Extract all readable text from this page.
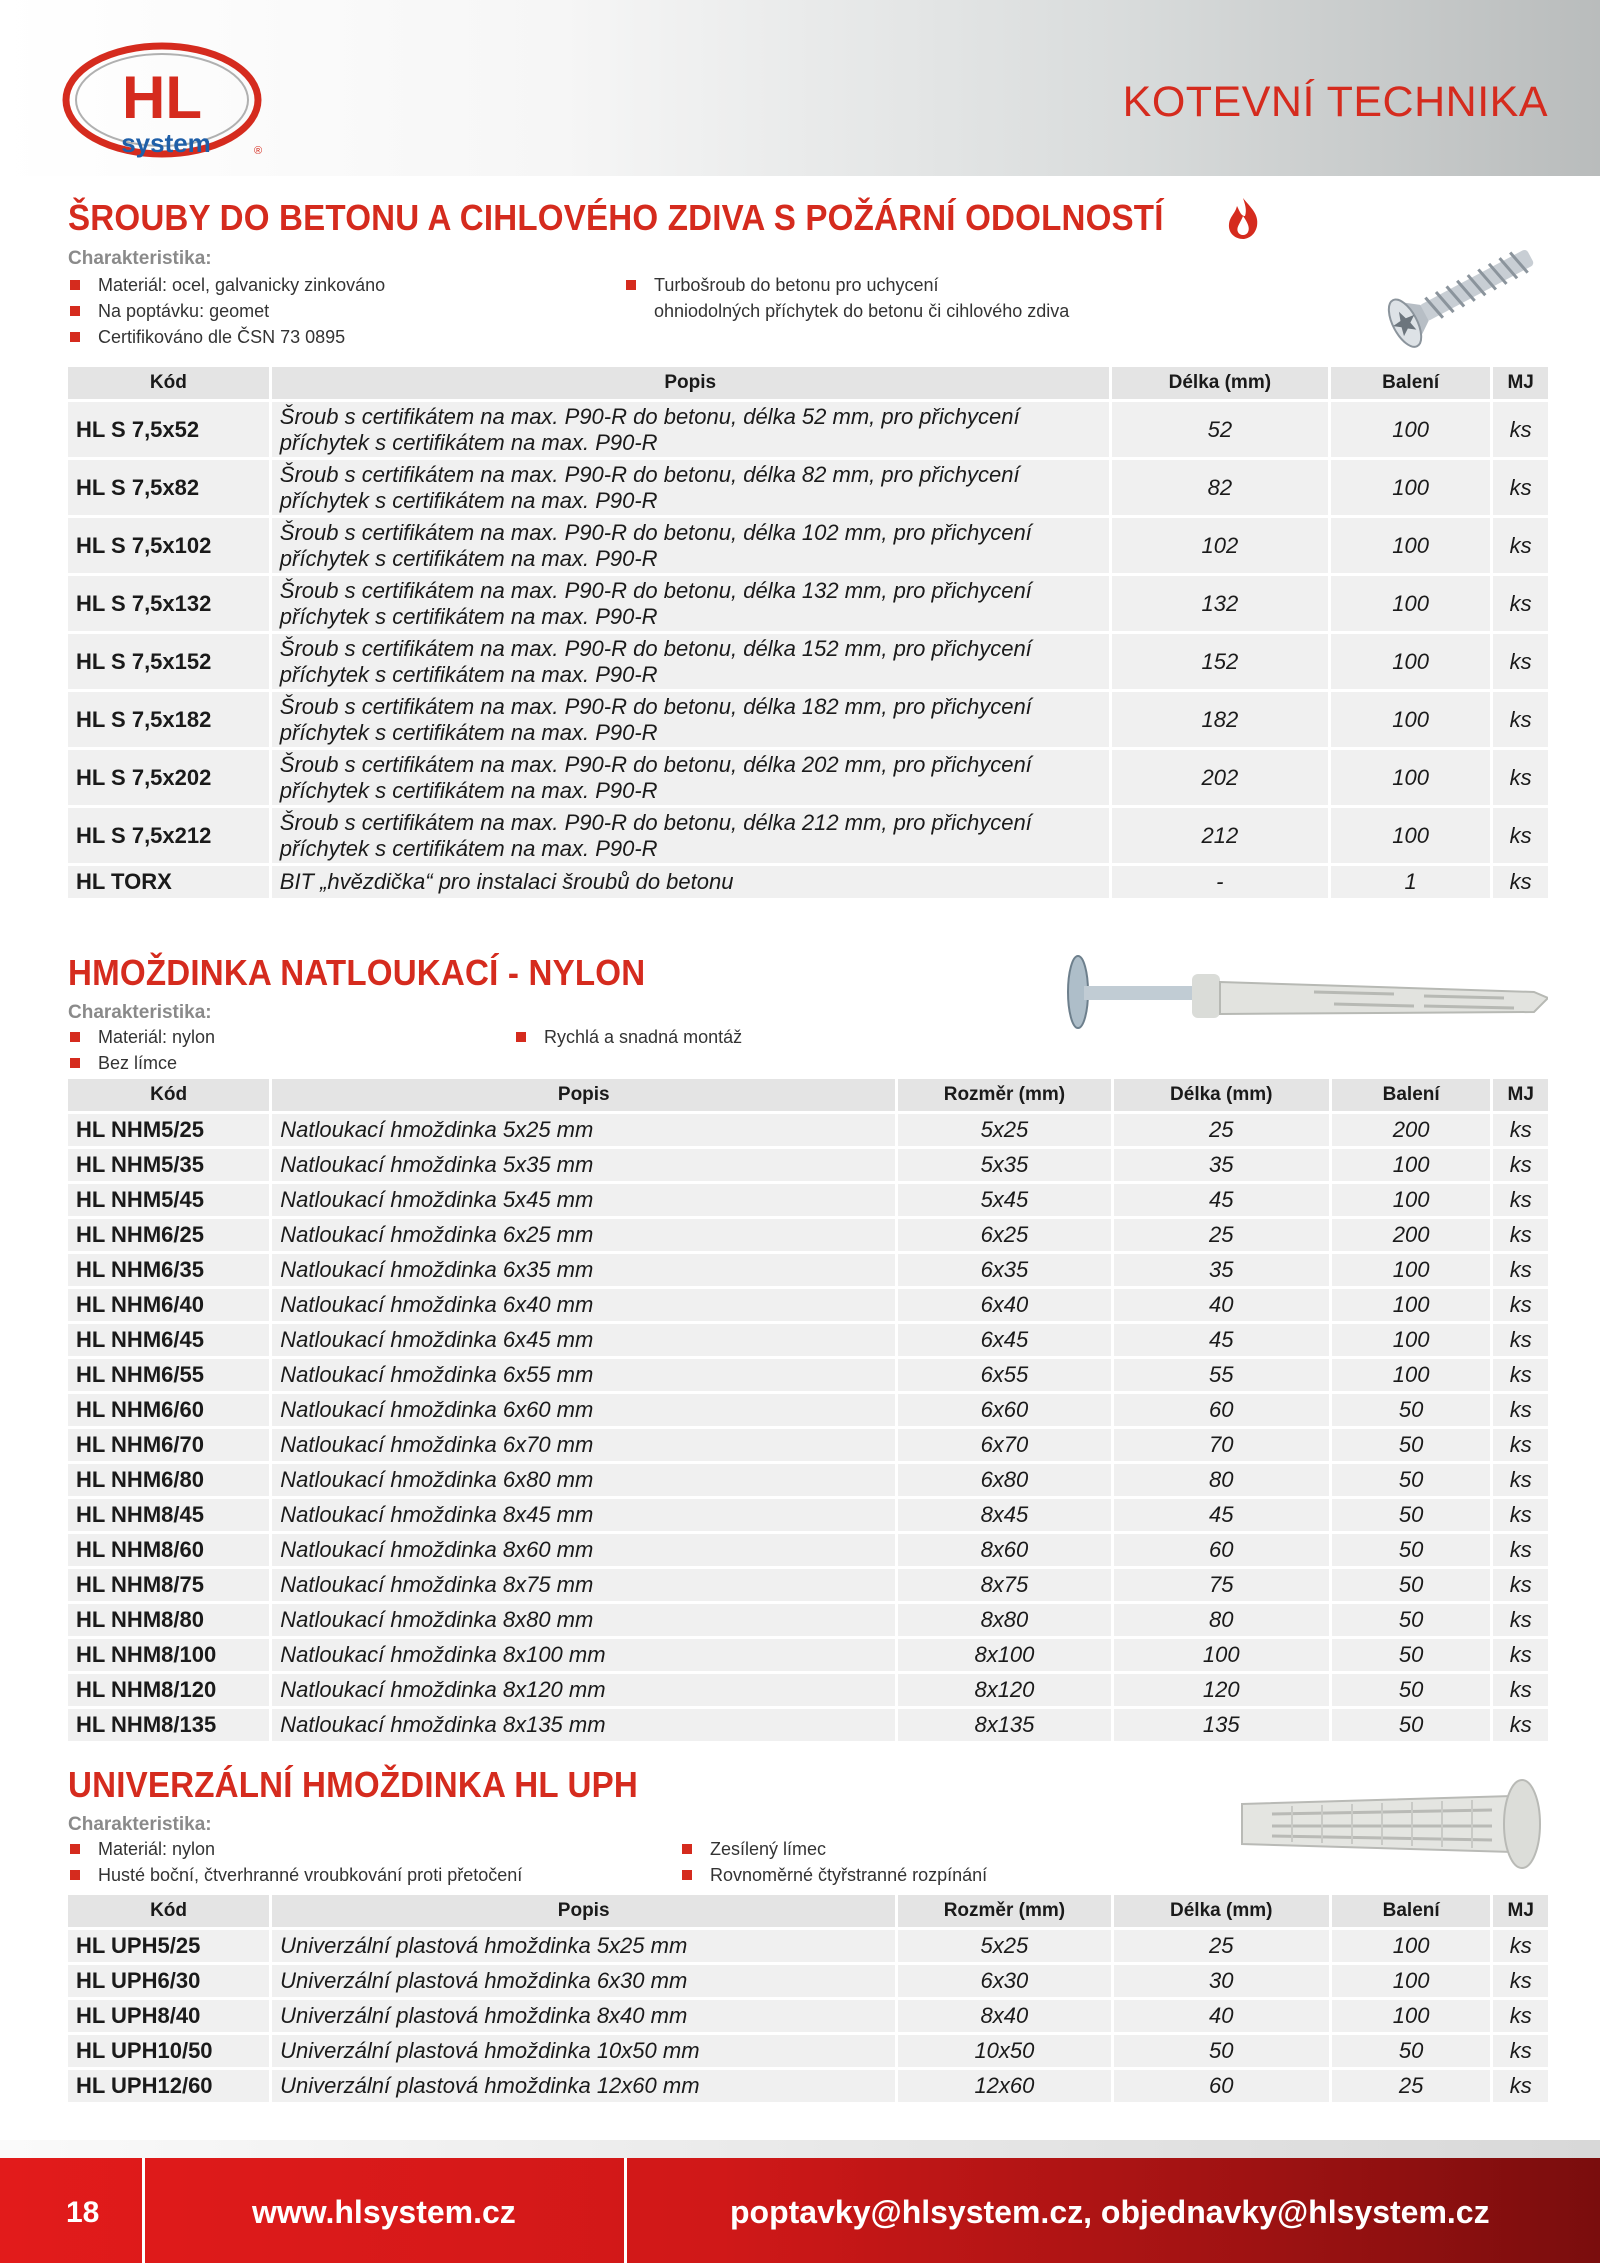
HL
system	®
KOTEVNÍ TECHNIKA
ŠROUBY DO BETONU A CIHLOVÉHO ZDIVA S POŽÁRNÍ ODOLNOSTÍ
Charakteristika:
Materiál: ocel, galvanicky zinkováno
Na poptávku: geomet
Certifikováno dle ČSN 73 0895
Turbošroub do betonu pro uchycení
ohniodolných příchytek do betonu či cihlového zdiva
Kód	Popis	Délka (mm)	Balení	MJ
HL S 7,5x52	Šroub s certifikátem na max. P90-R do betonu, délka 52 mm, pro přichycení příchytek s certifikátem na max. P90-R	52	100	ks
HL S 7,5x82	Šroub s certifikátem na max. P90-R do betonu, délka 82 mm, pro přichycení příchytek s certifikátem na max. P90-R	82	100	ks
HL S 7,5x102	Šroub s certifikátem na max. P90-R do betonu, délka 102 mm, pro přichycení příchytek s certifikátem na max. P90-R	102	100	ks
HL S 7,5x132	Šroub s certifikátem na max. P90-R do betonu, délka 132 mm, pro přichycení příchytek s certifikátem na max. P90-R	132	100	ks
HL S 7,5x152	Šroub s certifikátem na max. P90-R do betonu, délka 152 mm, pro přichycení příchytek s certifikátem na max. P90-R	152	100	ks
HL S 7,5x182	Šroub s certifikátem na max. P90-R do betonu, délka 182 mm, pro přichycení příchytek s certifikátem na max. P90-R	182	100	ks
HL S 7,5x202	Šroub s certifikátem na max. P90-R do betonu, délka 202 mm, pro přichycení příchytek s certifikátem na max. P90-R	202	100	ks
HL S 7,5x212	Šroub s certifikátem na max. P90-R do betonu, délka 212 mm, pro přichycení příchytek s certifikátem na max. P90-R	212	100	ks
HL TORX	BIT „hvězdička“ pro instalaci šroubů do betonu	-	1	ks
HMOŽDINKA NATLOUKACÍ - NYLON
Charakteristika:
Materiál: nylon
Bez límce
Rychlá a snadná montáž
Kód	Popis	Rozměr (mm)	Délka (mm)	Balení	MJ
HL NHM5/25	Natloukací hmoždinka 5x25 mm	5x25	25	200	ks
HL NHM5/35	Natloukací hmoždinka 5x35 mm	5x35	35	100	ks
HL NHM5/45	Natloukací hmoždinka 5x45 mm	5x45	45	100	ks
HL NHM6/25	Natloukací hmoždinka 6x25 mm	6x25	25	200	ks
HL NHM6/35	Natloukací hmoždinka 6x35 mm	6x35	35	100	ks
HL NHM6/40	Natloukací hmoždinka 6x40 mm	6x40	40	100	ks
HL NHM6/45	Natloukací hmoždinka 6x45 mm	6x45	45	100	ks
HL NHM6/55	Natloukací hmoždinka 6x55 mm	6x55	55	100	ks
HL NHM6/60	Natloukací hmoždinka 6x60 mm	6x60	60	50	ks
HL NHM6/70	Natloukací hmoždinka 6x70 mm	6x70	70	50	ks
HL NHM6/80	Natloukací hmoždinka 6x80 mm	6x80	80	50	ks
HL NHM8/45	Natloukací hmoždinka 8x45 mm	8x45	45	50	ks
HL NHM8/60	Natloukací hmoždinka 8x60 mm	8x60	60	50	ks
HL NHM8/75	Natloukací hmoždinka 8x75 mm	8x75	75	50	ks
HL NHM8/80	Natloukací hmoždinka 8x80 mm	8x80	80	50	ks
HL NHM8/100	Natloukací hmoždinka 8x100 mm	8x100	100	50	ks
HL NHM8/120	Natloukací hmoždinka 8x120 mm	8x120	120	50	ks
HL NHM8/135	Natloukací hmoždinka 8x135 mm	8x135	135	50	ks
UNIVERZÁLNÍ HMOŽDINKA HL UPH
Charakteristika:
Materiál: nylon
Husté boční, čtverhranné vroubkování proti přetočení
Zesílený límec
Rovnoměrné čtyřstranné rozpínání
Kód	Popis	Rozměr (mm)	Délka (mm)	Balení	MJ
HL UPH5/25	Univerzální plastová hmoždinka 5x25 mm	5x25	25	100	ks
HL UPH6/30	Univerzální plastová hmoždinka 6x30 mm	6x30	30	100	ks
HL UPH8/40	Univerzální plastová hmoždinka 8x40 mm	8x40	40	100	ks
HL UPH10/50	Univerzální plastová hmoždinka 10x50 mm	10x50	50	50	ks
HL UPH12/60	Univerzální plastová hmoždinka 12x60 mm	12x60	60	25	ks
18	www.hlsystem.cz	poptavky@hlsystem.cz, objednavky@hlsystem.cz
